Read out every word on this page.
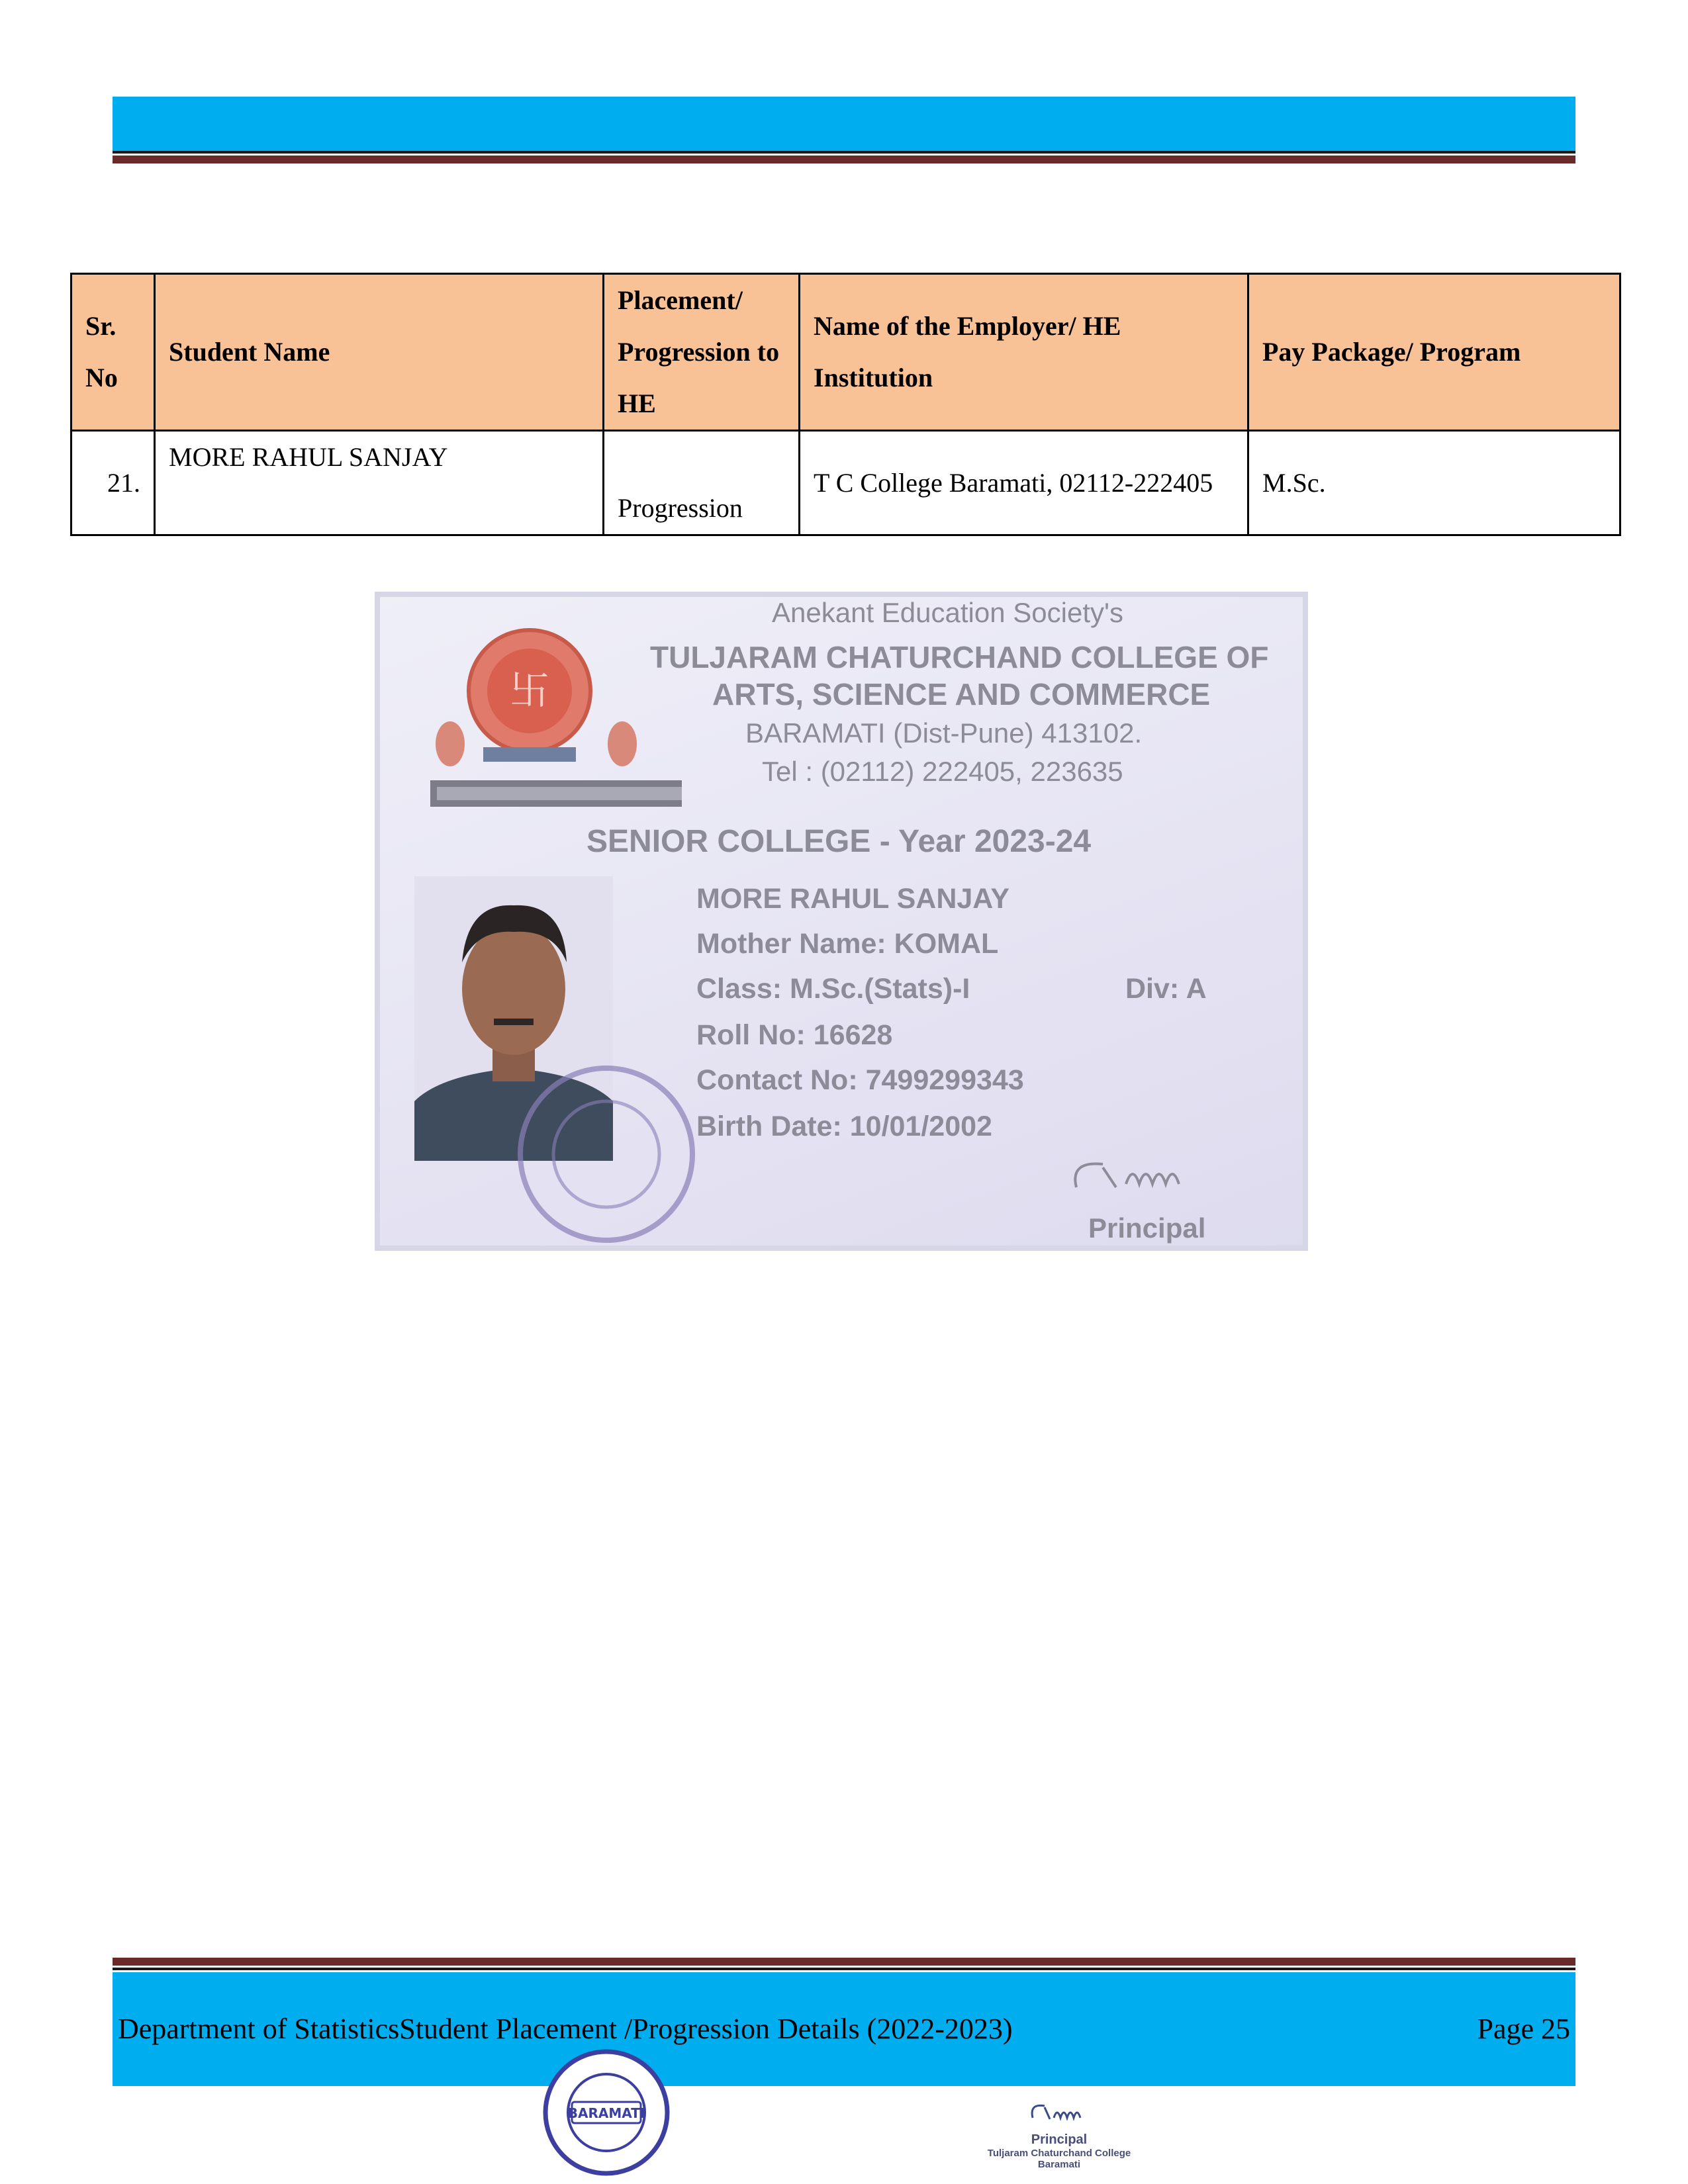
Sr. No	Student Name	Placement/ Progression to HE	Name of the Employer/ HE Institution	Pay Package/ Program
21.	MORE RAHUL SANJAY	Progression	T C College Baramati, 02112-222405	M.Sc.
卐
Anekant Education Society's
TULJARAM CHATURCHAND COLLEGE OF
ARTS, SCIENCE AND COMMERCE
BARAMATI (Dist-Pune) 413102.
Tel : (02112) 222405, 223635
SENIOR COLLEGE - Year 2023-24
MORE RAHUL SANJAY
Mother Name: KOMAL
Class: M.Sc.(Stats)-I	Div: A
Roll No: 16628
Contact No: 7499299343
Birth Date: 10/01/2002
Principal
Department of StatisticsStudent Placement /Progression Details (2022-2023)	Page 25
BARAMATI
Principal
Tuljaram Chaturchand College
Baramati
